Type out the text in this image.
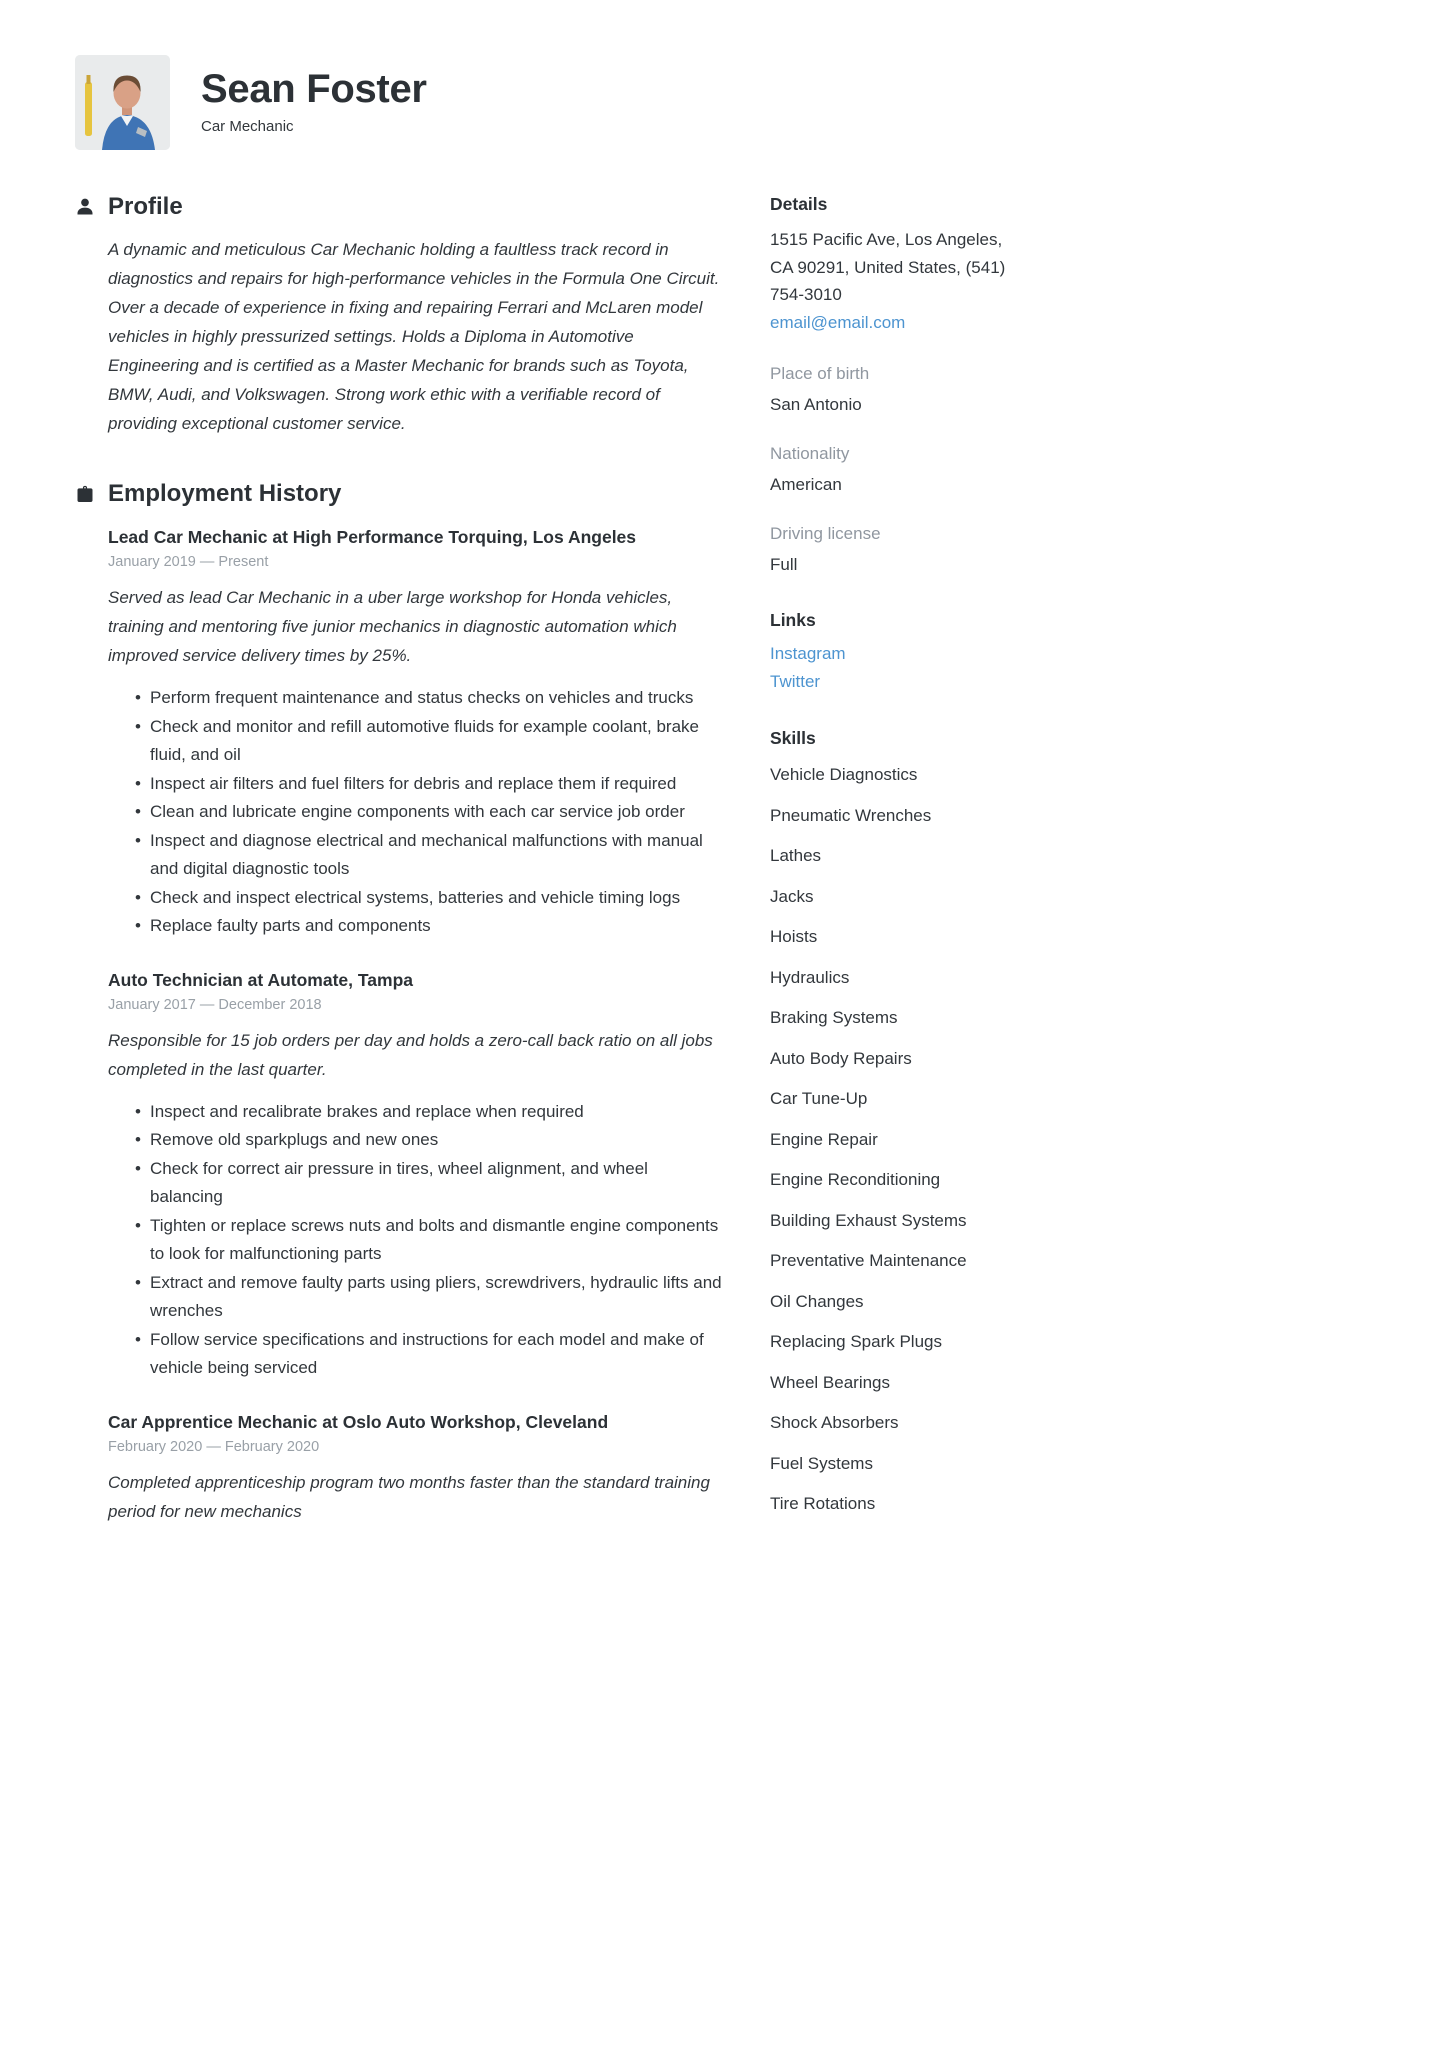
Sean Foster
Car Mechanic
Profile

A dynamic and meticulous Car Mechanic holding a faultless track record in diagnostics and repairs for high-performance vehicles in the Formula One Circuit. Over a decade of experience in fixing and repairing Ferrari and McLaren model vehicles in highly pressurized settings. Holds a Diploma in Automotive Engineering and is certified as a Master Mechanic for brands such as Toyota, BMW, Audi, and Volkswagen. Strong work ethic with a verifiable record of providing exceptional customer service.

Employment History
Lead Car Mechanic at High Performance Torquing, Los Angeles
January 2019 — Present

Served as lead Car Mechanic in a uber large workshop for Honda vehicles, training and mentoring five junior mechanics in diagnostic automation which improved service delivery times by 25%.

• Perform frequent maintenance and status checks on vehicles and trucks
• Check and monitor and refill automotive fluids for example coolant, brake fluid, and oil
• Inspect air filters and fuel filters for debris and replace them if required
• Clean and lubricate engine components with each car service job order
• Inspect and diagnose electrical and mechanical malfunctions with manual and digital diagnostic tools
• Check and inspect electrical systems, batteries and vehicle timing logs
• Replace faulty parts and components
Auto Technician at Automate, Tampa
January 2017 — December 2018

Responsible for 15 job orders per day and holds a zero-call back ratio on all jobs completed in the last quarter.

• Inspect and recalibrate brakes and replace when required
• Remove old sparkplugs and new ones
• Check for correct air pressure in tires, wheel alignment, and wheel balancing
• Tighten or replace screws nuts and bolts and dismantle engine components to look for malfunctioning parts
• Extract and remove faulty parts using pliers, screwdrivers, hydraulic lifts and wrenches
• Follow service specifications and instructions for each model and make of vehicle being serviced
Car Apprentice Mechanic at Oslo Auto Workshop, Cleveland
February 2020 — February 2020

Completed apprenticeship program two months faster than the standard training period for new mechanics

Details

1515 Pacific Ave, Los Angeles, CA 90291, United States, (541) 754-3010

email@email.com
Place of birth
San Antonio
Nationality
American
Driving license
Full
Links
Instagram
Twitter
Skills
Vehicle Diagnostics
Pneumatic Wrenches
Lathes
Jacks
Hoists
Hydraulics
Braking Systems
Auto Body Repairs
Car Tune-Up
Engine Repair
Engine Reconditioning
Building Exhaust Systems
Preventative Maintenance
Oil Changes
Replacing Spark Plugs
Wheel Bearings
Shock Absorbers
Fuel Systems
Tire Rotations
